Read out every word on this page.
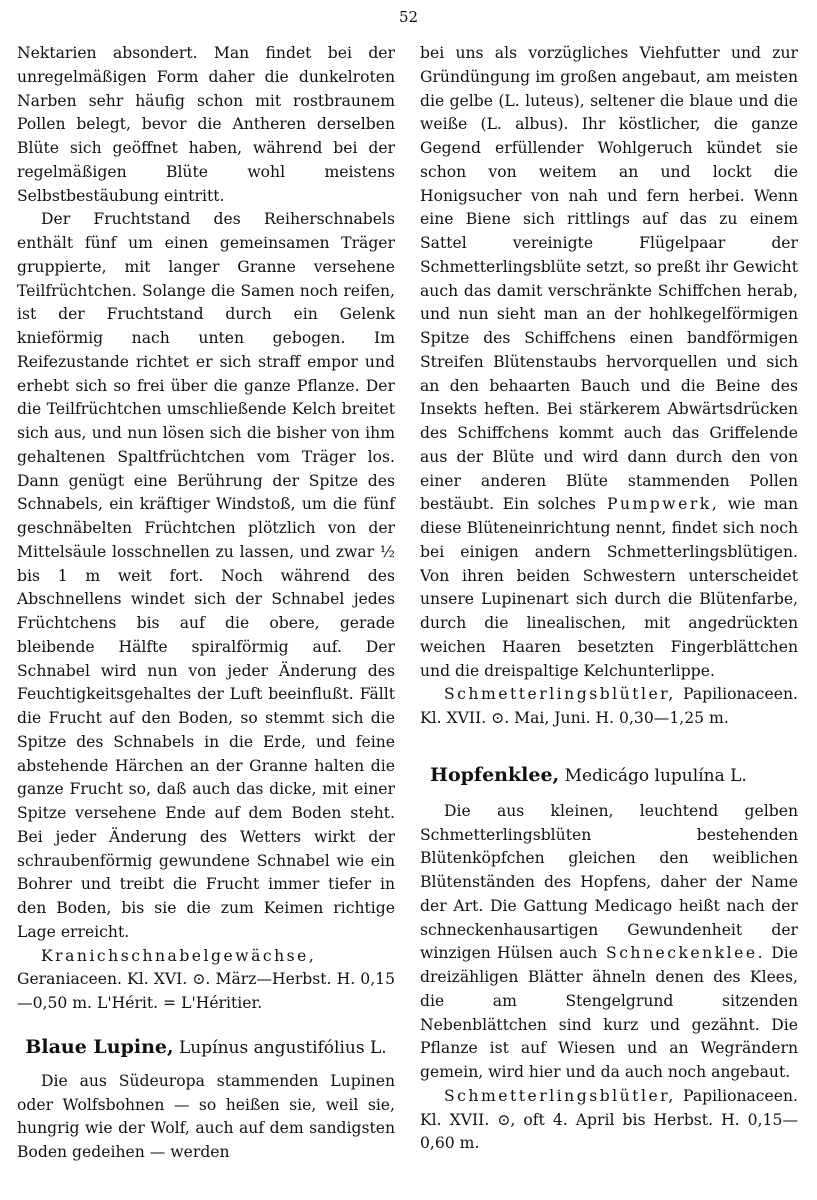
52

Nektarien absondert. Man findet bei der unregelmäßigen Form daher die dunkelroten Narben sehr häufig schon mit rostbraunem Pollen belegt, bevor die Antheren derselben Blüte sich geöffnet haben, während bei der regelmäßigen Blüte wohl meistens Selbstbestäubung eintritt.

Der Fruchtstand des Reiherschnabels enthält fünf um einen gemeinsamen Träger gruppierte, mit langer Granne versehene Teilfrüchtchen. Solange die Samen noch reifen, ist der Fruchtstand durch ein Gelenk knieförmig nach unten gebogen. Im Reifezustande richtet er sich straff empor und erhebt sich so frei über die ganze Pflanze. Der die Teilfrüchtchen umschließende Kelch breitet sich aus, und nun lösen sich die bisher von ihm gehaltenen Spaltfrüchtchen vom Träger los. Dann genügt eine Berührung der Spitze des Schnabels, ein kräftiger Windstoß, um die fünf geschnäbelten Früchtchen plötzlich von der Mittelsäule losschnellen zu lassen, und zwar ½ bis 1 m weit fort. Noch während des Abschnellens windet sich der Schnabel jedes Früchtchens bis auf die obere, gerade bleibende Hälfte spiralförmig auf. Der Schnabel wird nun von jeder Änderung des Feuchtigkeitsgehaltes der Luft beeinflußt. Fällt die Frucht auf den Boden, so stemmt sich die Spitze des Schnabels in die Erde, und feine abstehende Härchen an der Granne halten die ganze Frucht so, daß auch das dicke, mit einer Spitze versehene Ende auf dem Boden steht. Bei jeder Änderung des Wetters wirkt der schraubenförmig gewundene Schnabel wie ein Bohrer und treibt die Frucht immer tiefer in den Boden, bis sie die zum Keimen richtige Lage erreicht.

Kranichschnabelgewächse, Geraniaceen. Kl. XVI. ⊙. März—Herbst. H. 0,15—0,50 m. L'Hérit. = L'Héritier.

Blaue Lupine, Lupínus angustifólius L.

Die aus Südeuropa stammenden Lupinen oder Wolfsbohnen — so heißen sie, weil sie, hungrig wie der Wolf, auch auf dem sandigsten Boden gedeihen — werden

bei uns als vorzügliches Viehfutter und zur Gründüngung im großen angebaut, am meisten die gelbe (L. luteus), seltener die blaue und die weiße (L. albus). Ihr köstlicher, die ganze Gegend erfüllender Wohlgeruch kündet sie schon von weitem an und lockt die Honigsucher von nah und fern herbei. Wenn eine Biene sich rittlings auf das zu einem Sattel vereinigte Flügelpaar der Schmetterlingsblüte setzt, so preßt ihr Gewicht auch das damit verschränkte Schiffchen herab, und nun sieht man an der hohlkegelförmigen Spitze des Schiffchens einen bandförmigen Streifen Blütenstaubs hervorquellen und sich an den behaarten Bauch und die Beine des Insekts heften. Bei stärkerem Abwärtsdrücken des Schiffchens kommt auch das Griffelende aus der Blüte und wird dann durch den von einer anderen Blüte stammenden Pollen bestäubt. Ein solches Pumpwerk, wie man diese Blüteneinrichtung nennt, findet sich noch bei einigen andern Schmetterlingsblütigen. Von ihren beiden Schwestern unterscheidet unsere Lupinenart sich durch die Blütenfarbe, durch die linealischen, mit angedrückten weichen Haaren besetzten Fingerblättchen und die dreispaltige Kelchunterlippe.

Schmetterlingsblütler, Papilionaceen. Kl. XVII. ⊙. Mai, Juni. H. 0,30—1,25 m.

Hopfenklee, Medicágo lupulína L.

Die aus kleinen, leuchtend gelben Schmetterlingsblüten bestehenden Blütenköpfchen gleichen den weiblichen Blütenständen des Hopfens, daher der Name der Art. Die Gattung Medicago heißt nach der schneckenhausartigen Gewundenheit der winzigen Hülsen auch Schneckenklee. Die dreizähligen Blätter ähneln denen des Klees, die am Stengelgrund sitzenden Nebenblättchen sind kurz und gezähnt. Die Pflanze ist auf Wiesen und an Wegrändern gemein, wird hier und da auch noch angebaut.

Schmetterlingsblütler, Papilionaceen. Kl. XVII. ⊙, oft 4. April bis Herbst. H. 0,15—0,60 m.
